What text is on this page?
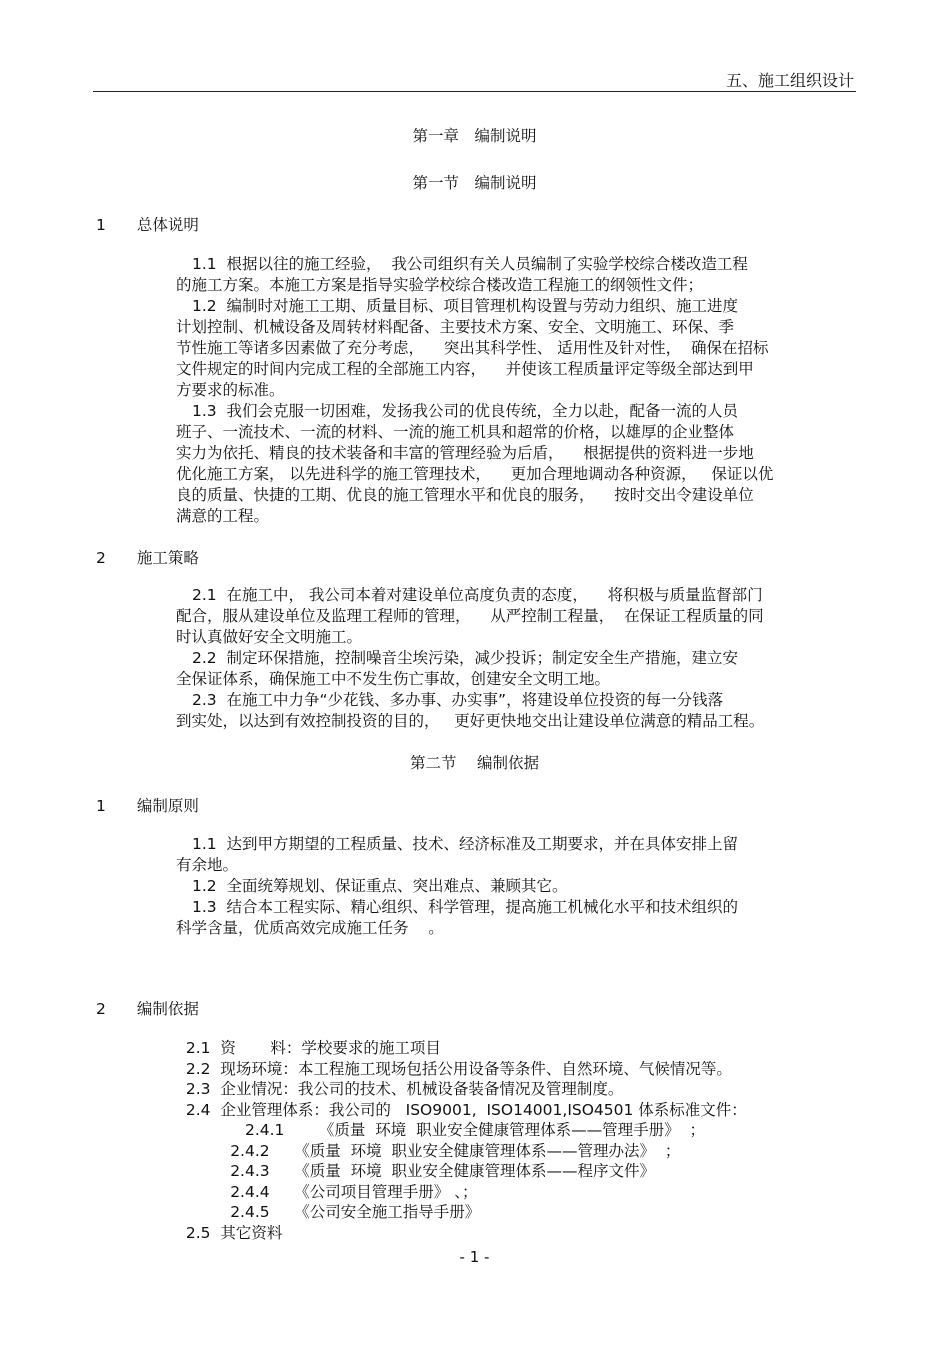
五、施工组织设计
第一章　编制说明
第一节　编制说明
1　　总体说明
1.1  根据以往的施工经验，  我公司组织有关人员编制了实验学校综合楼改造工程
的施工方案。本施工方案是指导实验学校综合楼改造工程施工的纲领性文件；
1.2  编制时对施工工期、质量目标、项目管理机构设置与劳动力组织、施工进度
计划控制、机械设备及周转材料配备、主要技术方案、安全、文明施工、环保、季
节性施工等诸多因素做了充分考虑，    突出其科学性、 适用性及针对性，  确保在招标
文件规定的时间内完成工程的全部施工内容，    并使该工程质量评定等级全部达到甲
方要求的标准。
1.3  我们会克服一切困难，发扬我公司的优良传统，全力以赴，配备一流的人员
班子、一流技术、一流的材料、一流的施工机具和超常的价格，以雄厚的企业整体
实力为依托、精良的技术装备和丰富的管理经验为后盾，    根据提供的资料进一步地
优化施工方案， 以先进科学的施工管理技术，    更加合理地调动各种资源，   保证以优
良的质量、快捷的工期、优良的施工管理水平和优良的服务，    按时交出令建设单位
满意的工程。
2　　施工策略
2.1  在施工中， 我公司本着对建设单位高度负责的态度，    将积极与质量监督部门
配合，服从建设单位及监理工程师的管理，    从严控制工程量，  在保证工程质量的同
时认真做好安全文明施工。
2.2  制定环保措施，控制噪音尘埃污染，减少投诉；制定安全生产措施，建立安
全保证体系，确保施工中不发生伤亡事故，创建安全文明工地。
2.3  在施工中力争“少花钱、多办事、办实事”，将建设单位投资的每一分钱落
到实处，以达到有效控制投资的目的，   更好更快地交出让建设单位满意的精品工程。
第二节　 编制依据
1　　编制原则
1.1  达到甲方期望的工程质量、技术、经济标准及工期要求，并在具体安排上留
有余地。
1.2  全面统筹规划、保证重点、突出难点、兼顾其它。
1.3  结合本工程实际、精心组织、科学管理，提高施工机械化水平和技术组织的
科学含量，优质高效完成施工任务    。
2　　编制依据
2.1  资       料：学校要求的施工项目
2.2  现场环境：本工程施工现场包括公用设备等条件、自然环境、气候情况等。
2.3  企业情况：我公司的技术、机械设备装备情况及管理制度。
2.4  企业管理体系：我公司的   ISO9001,  ISO14001,ISO4501 体系标准文件：
2.4.1       《质量  环境  职业安全健康管理体系——管理手册》  ；
2.4.2     《质量  环境  职业安全健康管理体系——管理办法》  ；
2.4.3     《质量  环境  职业安全健康管理体系——程序文件》
2.4.4     《公司项目管理手册》 、；
2.4.5     《公司安全施工指导手册》
2.5  其它资料
- 1 -
